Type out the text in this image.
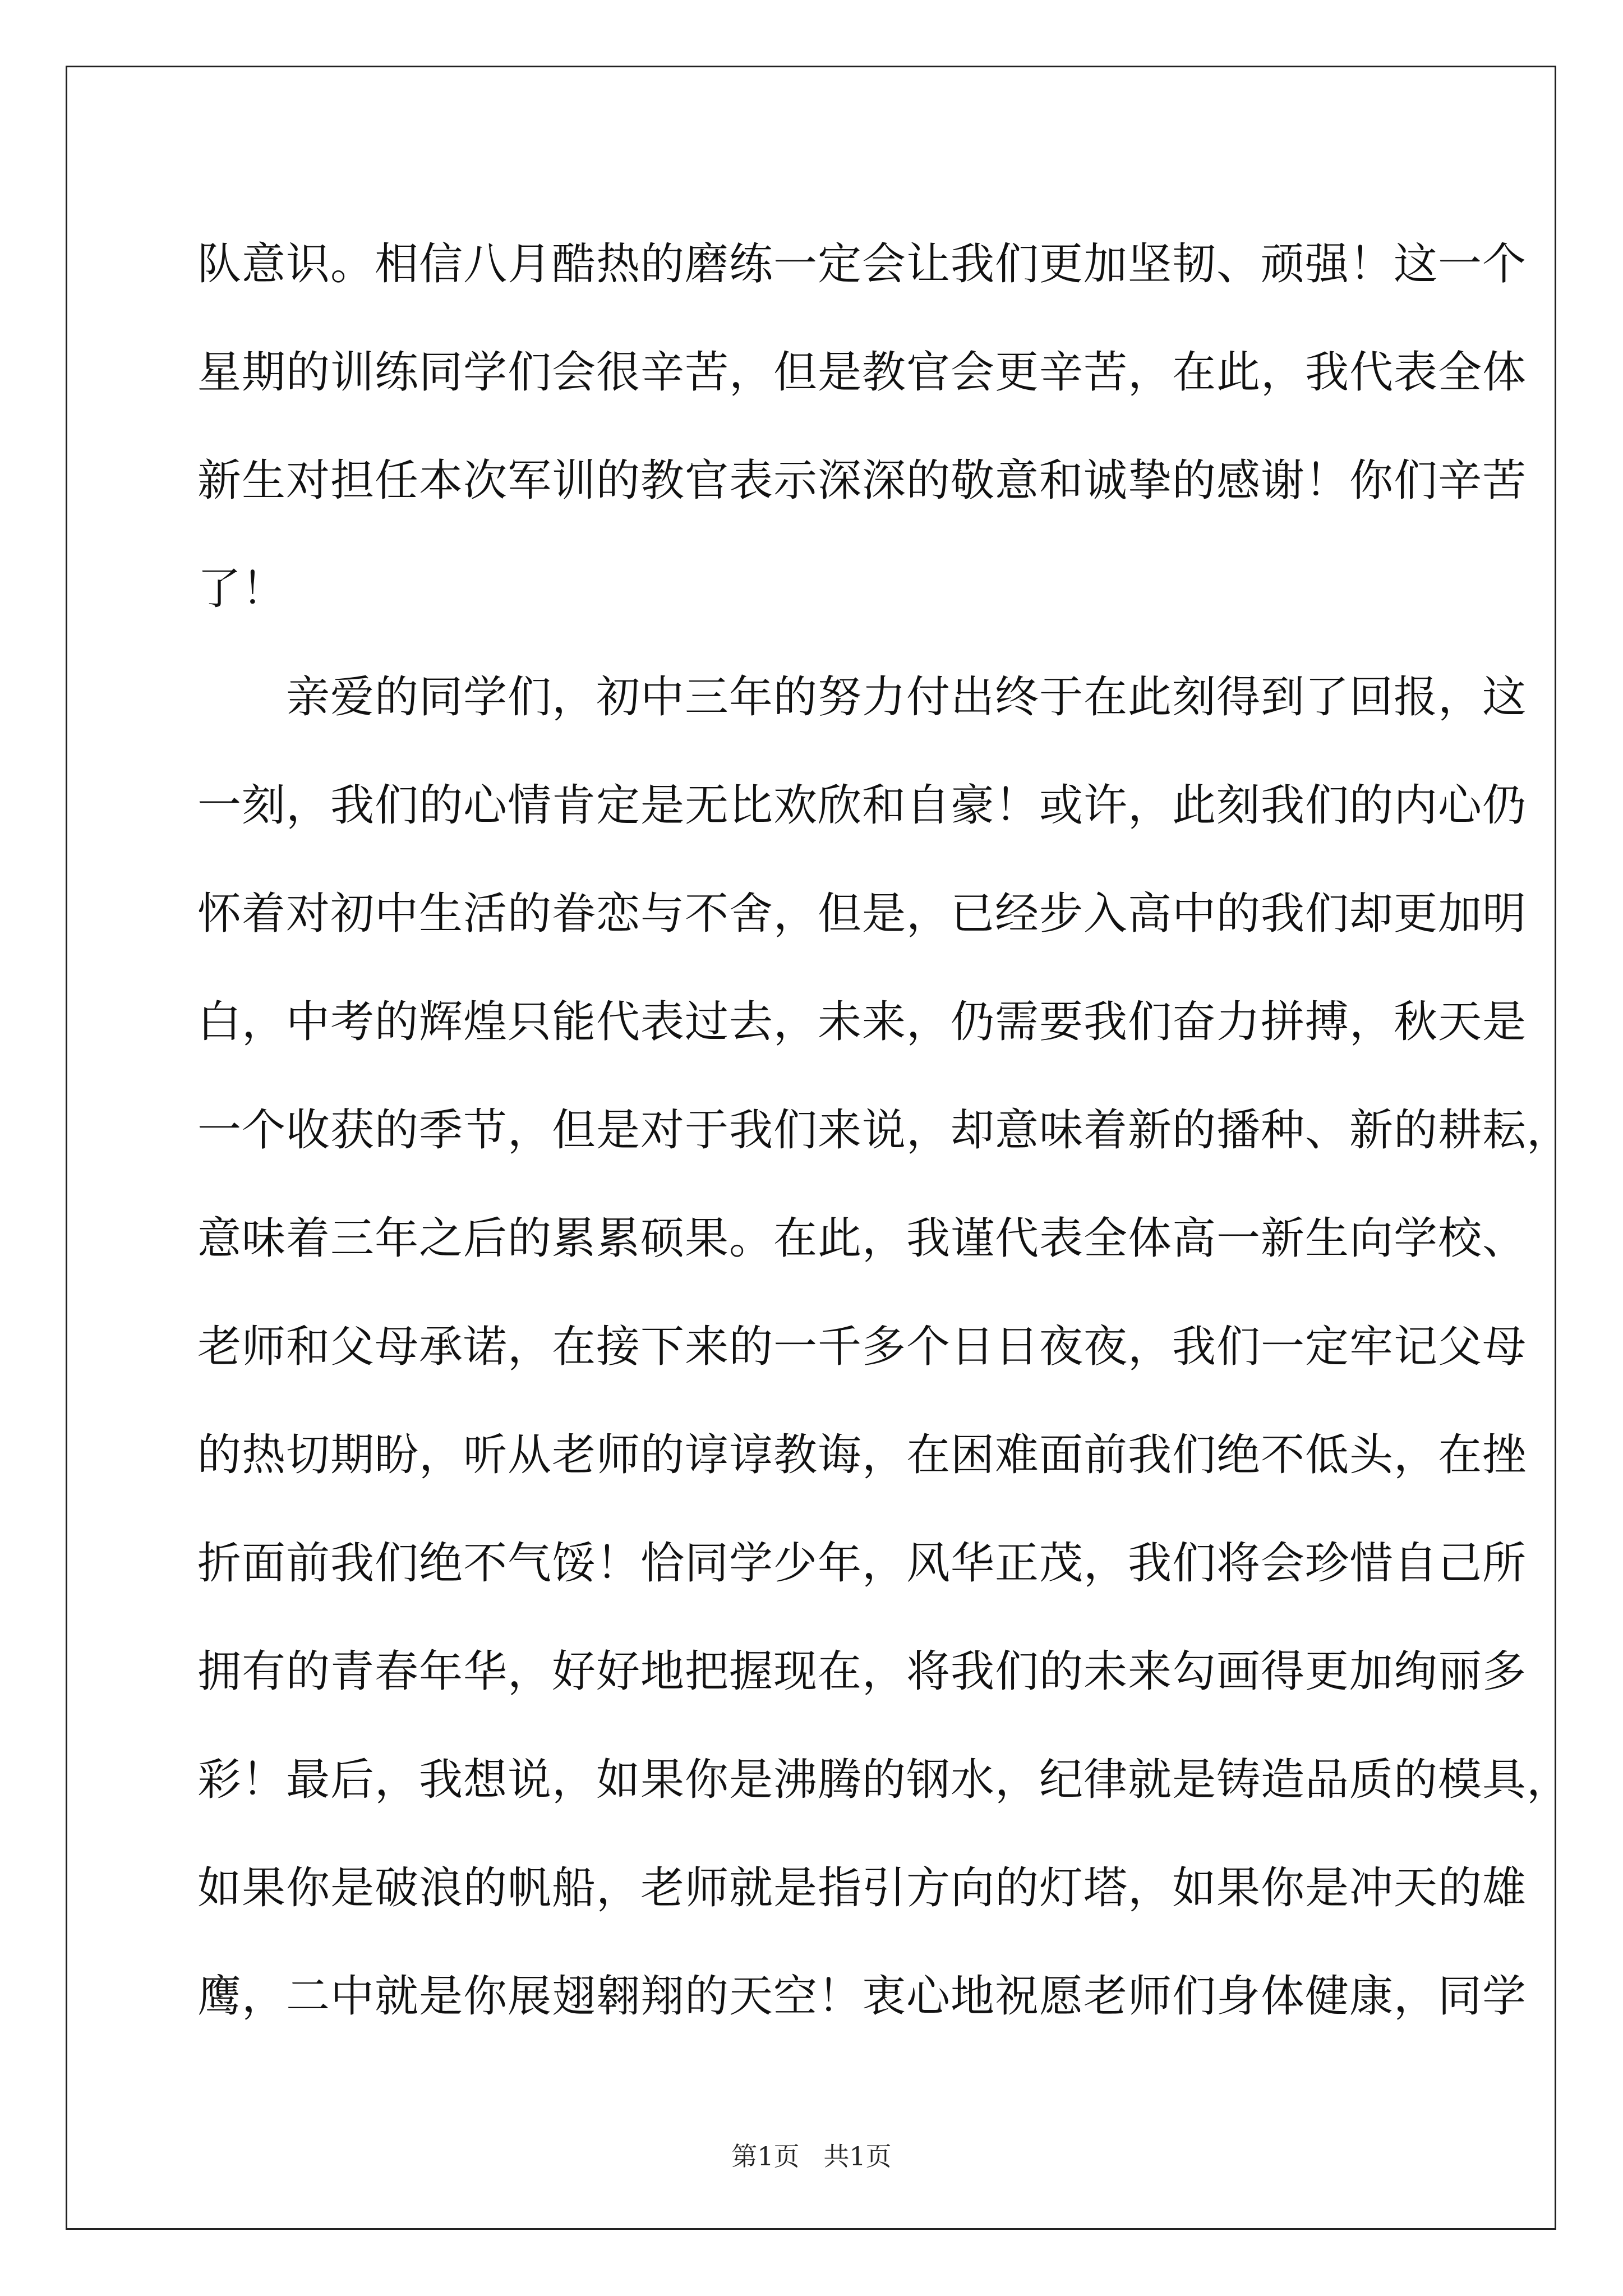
队意识。相信八月酷热的磨练一定会让我们更加坚韧、顽强！这一个
星期的训练同学们会很辛苦，但是教官会更辛苦，在此，我代表全体
新生对担任本次军训的教官表示深深的敬意和诚挚的感谢！你们辛苦
了！
　　亲爱的同学们，初中三年的努力付出终于在此刻得到了回报，这
一刻，我们的心情肯定是无比欢欣和自豪！或许，此刻我们的内心仍
怀着对初中生活的眷恋与不舍，但是，已经步入高中的我们却更加明
白，中考的辉煌只能代表过去，未来，仍需要我们奋力拼搏，秋天是
一个收获的季节，但是对于我们来说，却意味着新的播种、新的耕耘，
意味着三年之后的累累硕果。在此，我谨代表全体高一新生向学校、
老师和父母承诺，在接下来的一千多个日日夜夜，我们一定牢记父母
的热切期盼，听从老师的谆谆教诲，在困难面前我们绝不低头，在挫
折面前我们绝不气馁！恰同学少年，风华正茂，我们将会珍惜自己所
拥有的青春年华，好好地把握现在，将我们的未来勾画得更加绚丽多
彩！最后，我想说，如果你是沸腾的钢水，纪律就是铸造品质的模具，
如果你是破浪的帆船，老师就是指引方向的灯塔，如果你是冲天的雄
鹰，二中就是你展翅翱翔的天空！衷心地祝愿老师们身体健康，同学
第1页 共1页
